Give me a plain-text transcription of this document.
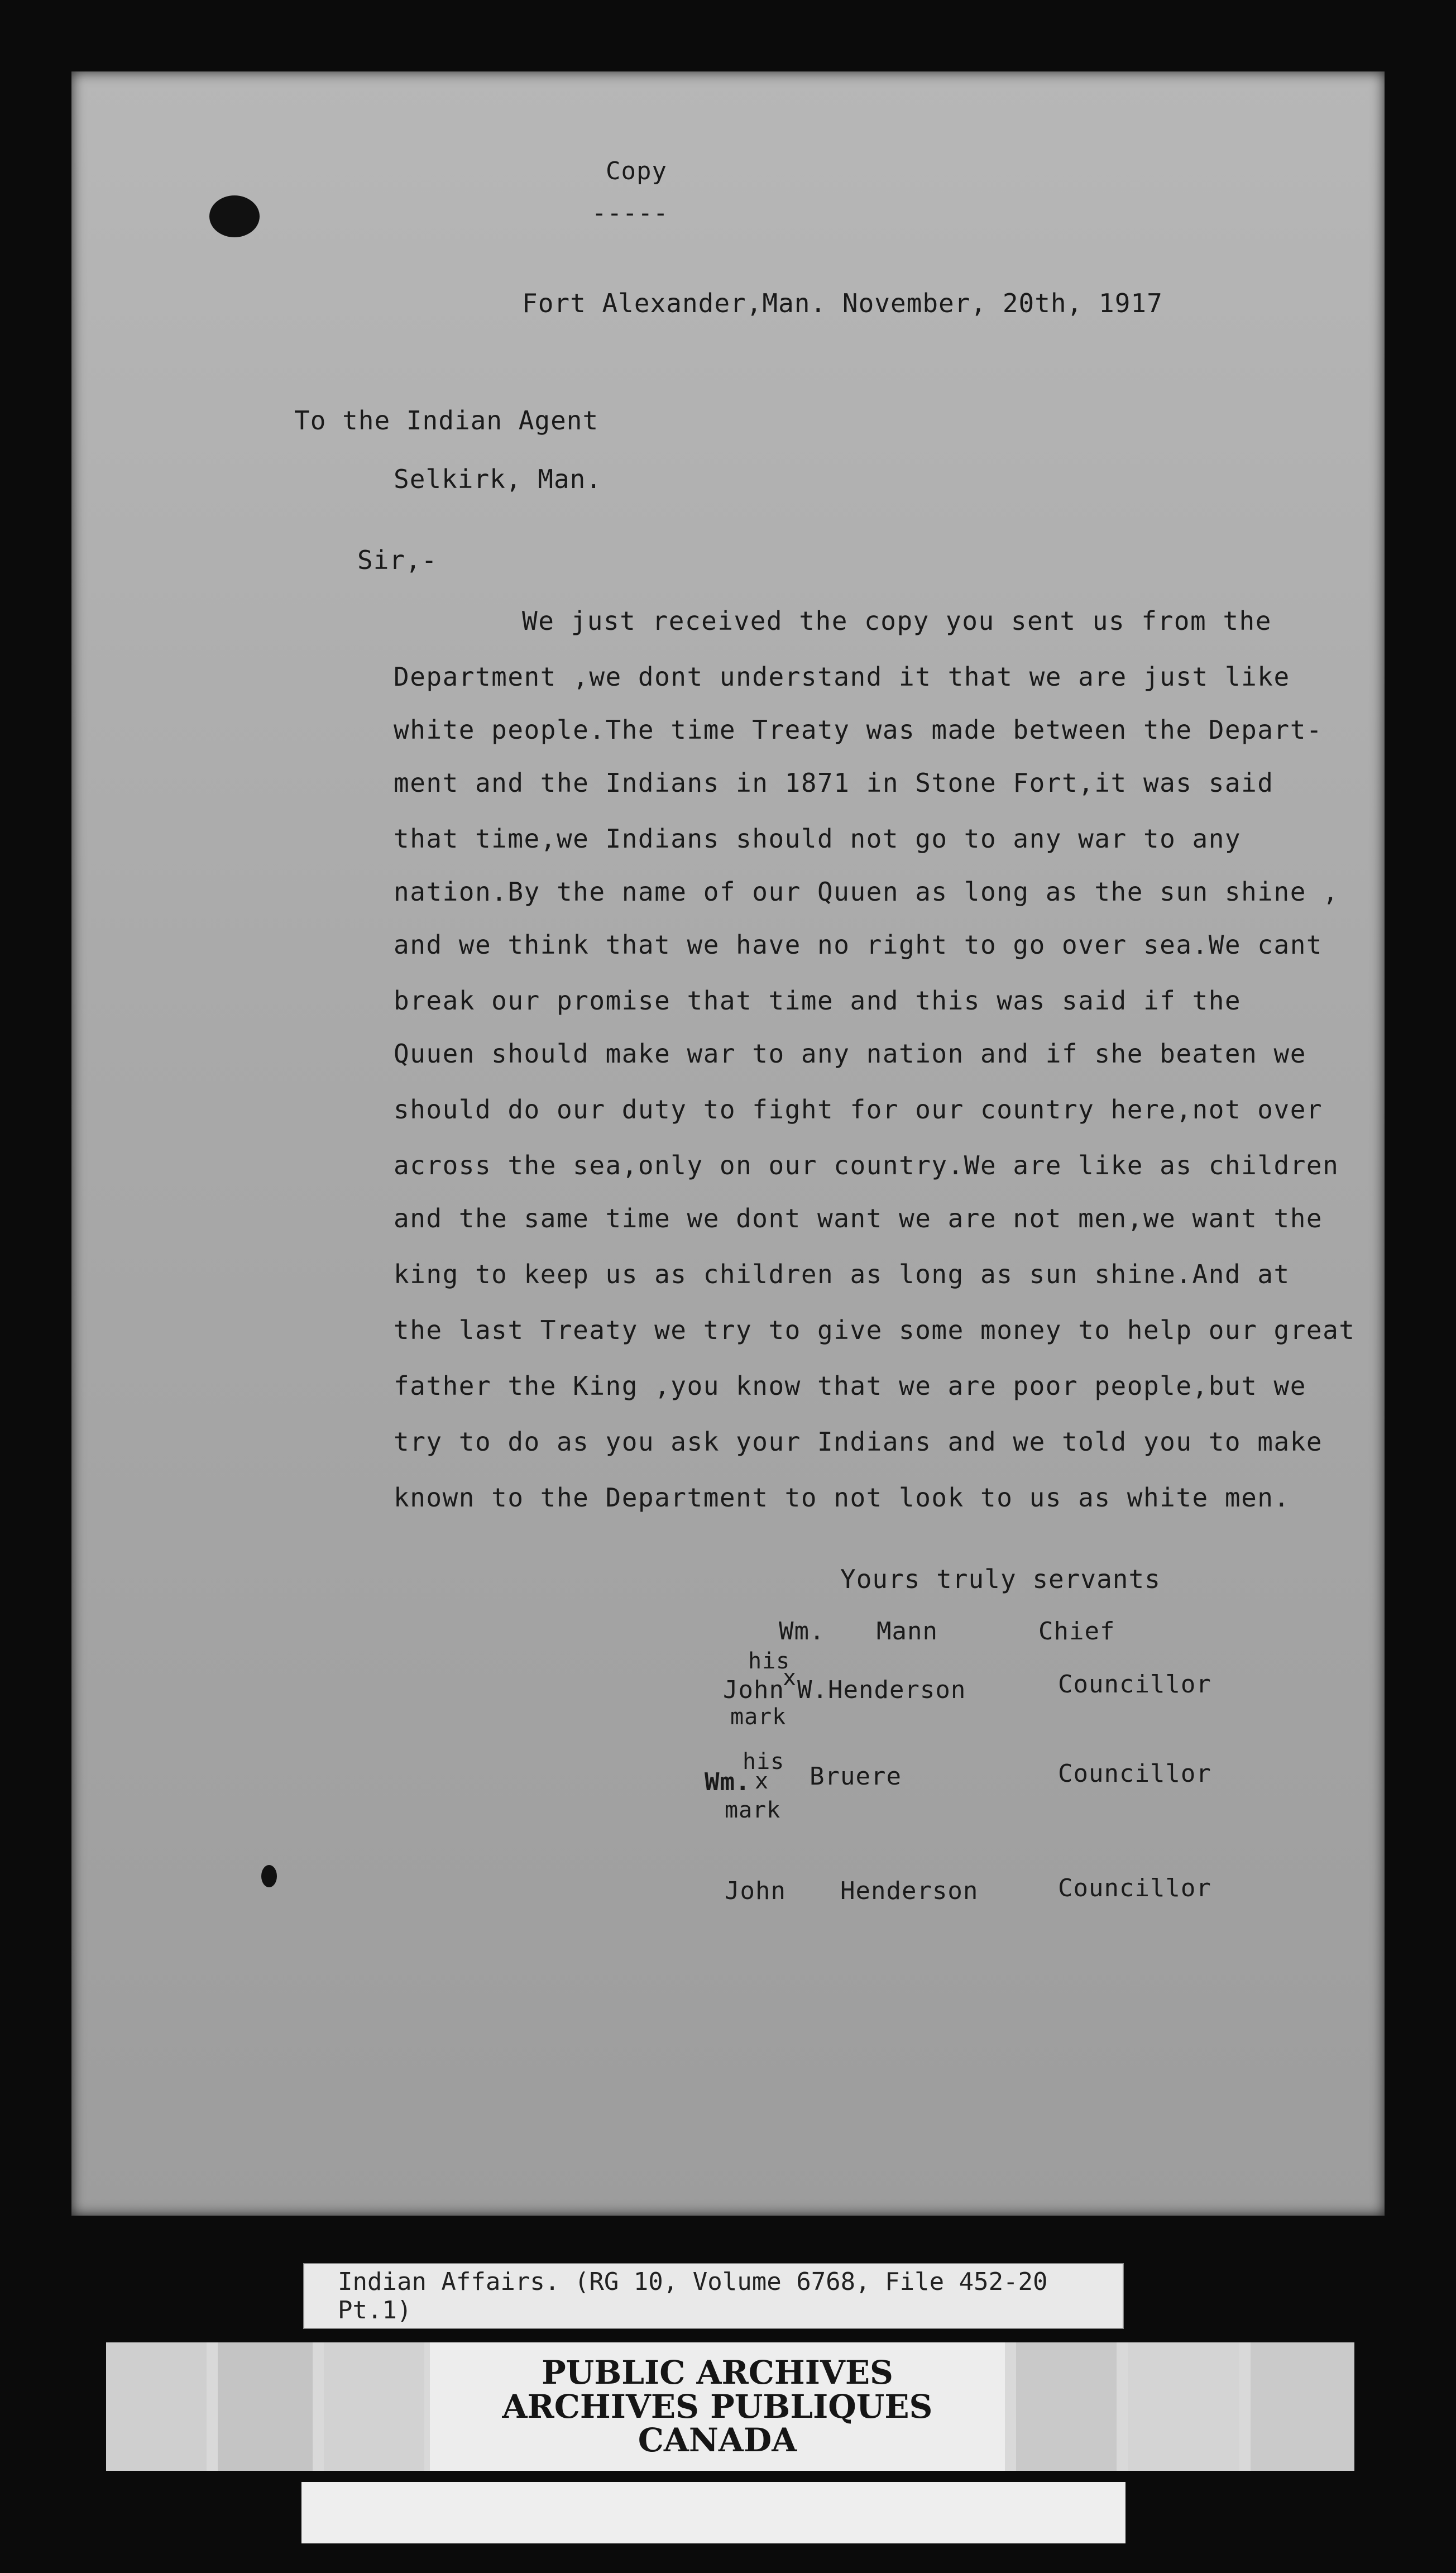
Copy
-----
Fort Alexander,Man. November, 20th, 1917
To the Indian Agent
Selkirk, Man.
Sir,-
We just received the copy you sent us from the
Department ,we dont understand it that we are just like
white people.The time Treaty was made between the Depart-
ment and the Indians in 1871 in Stone Fort,it was said
that time,we Indians should not go to any war to any
nation.By the name of our Quuen as long as the sun shine ,
and we think that we have no right to go over sea.We cant
break our promise that time and this was said if the
Quuen should make war to any nation and if she beaten we
should do our duty to fight for our country here,not over
across the sea,only on our country.We are like as children
and the same time we dont want we are not men,we want the
king to keep us as children as long as sun shine.And at
the last Treaty we try to give some money to help our great
father the King ,you know that we are poor people,but we
try to do as you ask your Indians and we told you to make
known to the Department to not look to us as white men.
Yours truly servants
Wm. Mann	Chief
his
John
x W.Henderson
mark
Councillor
his
Wm. x Bruere
mark
Councillor
John Henderson	Councillor
Indian Affairs. (RG 10, Volume 6768, File 452-20 Pt.1)
PUBLIC ARCHIVES
ARCHIVES PUBLIQUES
CANADA
